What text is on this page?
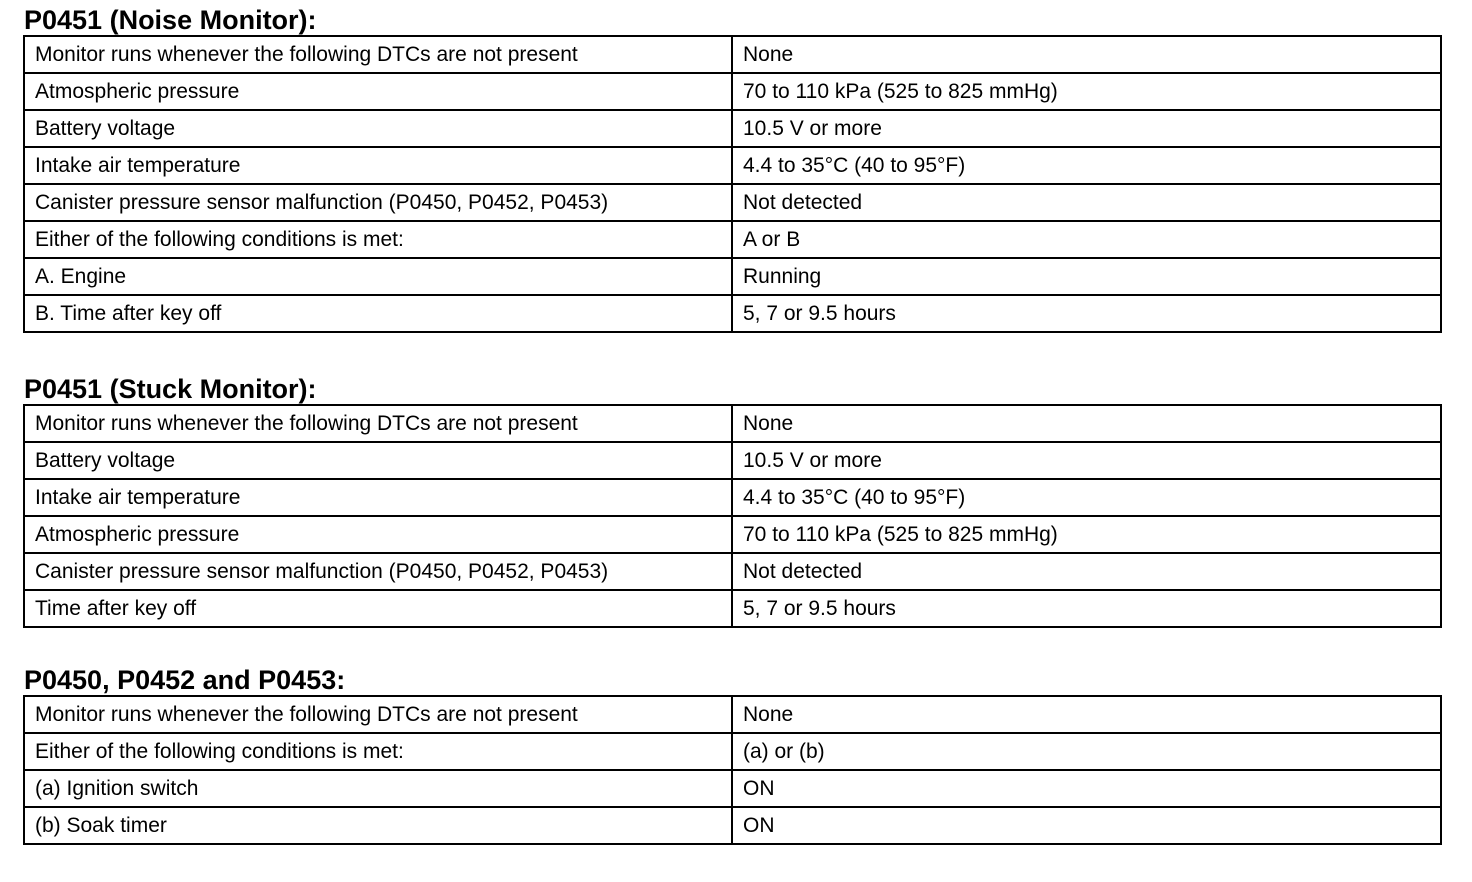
P0451 (Noise Monitor):
Monitor runs whenever the following DTCs are not present	None
Atmospheric pressure	70 to 110 kPa (525 to 825 mmHg)
Battery voltage	10.5 V or more
Intake air temperature	4.4 to 35°C (40 to 95°F)
Canister pressure sensor malfunction (P0450, P0452, P0453)	Not detected
Either of the following conditions is met:	A or B
A. Engine	Running
B. Time after key off	5, 7 or 9.5 hours
P0451 (Stuck Monitor):
Monitor runs whenever the following DTCs are not present	None
Battery voltage	10.5 V or more
Intake air temperature	4.4 to 35°C (40 to 95°F)
Atmospheric pressure	70 to 110 kPa (525 to 825 mmHg)
Canister pressure sensor malfunction (P0450, P0452, P0453)	Not detected
Time after key off	5, 7 or 9.5 hours
P0450, P0452 and P0453:
Monitor runs whenever the following DTCs are not present	None
Either of the following conditions is met:	(a) or (b)
(a) Ignition switch	ON
(b) Soak timer	ON
